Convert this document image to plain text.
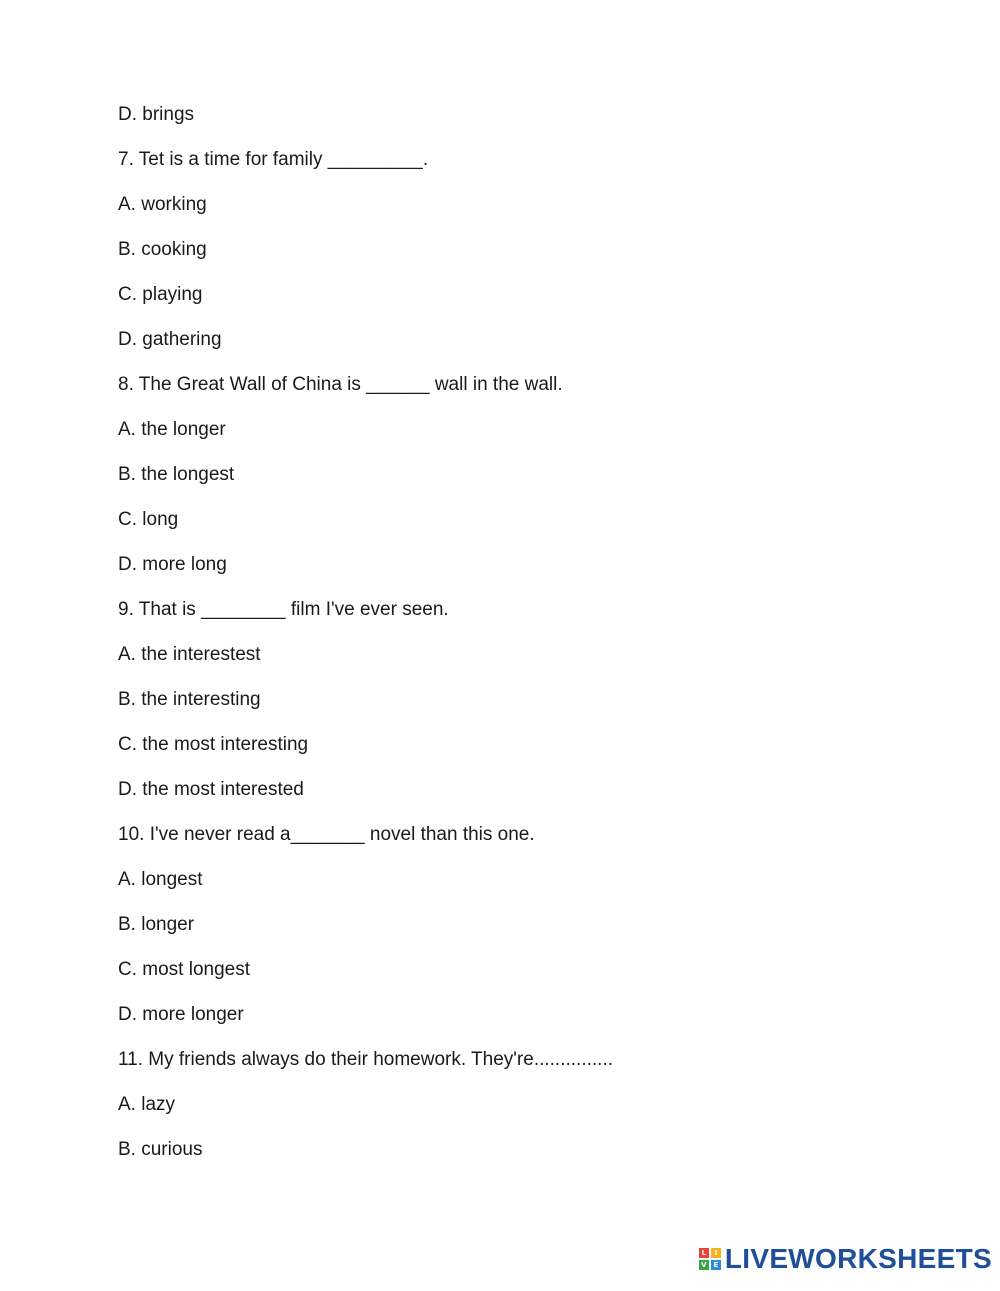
D. brings
7. Tet is a time for family _________.
A. working
B. cooking
C. playing
D. gathering
8. The Great Wall of China is ______ wall in the wall.
A. the longer
B. the longest
C. long
D. more long
9. That is ________ film I've ever seen.
A. the interestest
B. the interesting
C. the most interesting
D. the most interested
10. I've never read a_______ novel than this one.
A. longest
B. longer
C. most longest
D. more longer
11. My friends always do their homework. They're...............
A. lazy
B. curious
L	I
V E LIVEWORKSHEETS
